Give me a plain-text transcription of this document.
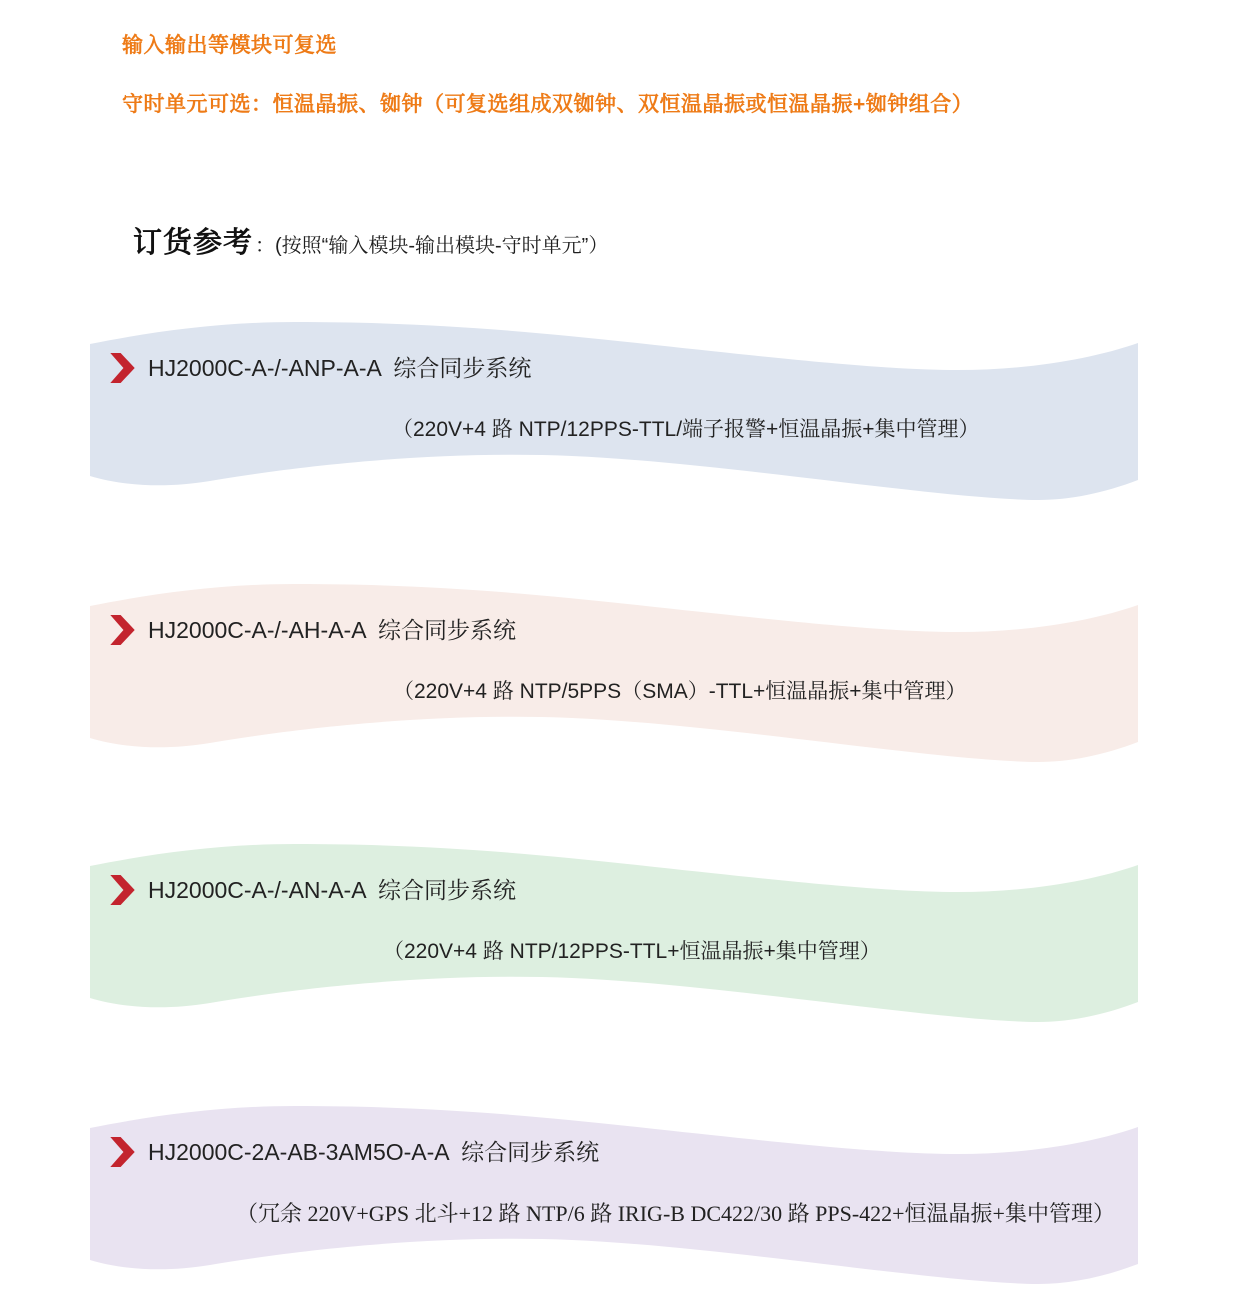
输入输出等模块可复选
守时单元可选：恒温晶振、铷钟（可复选组成双铷钟、双恒温晶振或恒温晶振+铷钟组合）
订货参考 ：(按照“输入模块-输出模块-守时单元”）
HJ2000C-A-/-ANP-A-A  综合同步系统
（220V+4 路 NTP/12PPS-TTL/端子报警+恒温晶振+集中管理）
HJ2000C-A-/-AH-A-A  综合同步系统
（220V+4 路 NTP/5PPS（SMA）-TTL+恒温晶振+集中管理）
HJ2000C-A-/-AN-A-A  综合同步系统
（220V+4 路 NTP/12PPS-TTL+恒温晶振+集中管理）
HJ2000C-2A-AB-3AM5O-A-A  综合同步系统
（冗余 220V+GPS 北斗+12 路 NTP/6 路 IRIG-B DC422/30 路 PPS-422+恒温晶振+集中管理）
